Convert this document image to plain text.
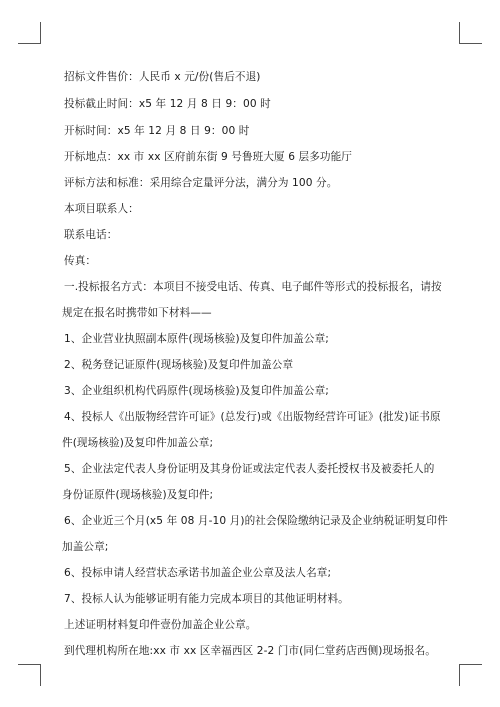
招标文件售价：人民币 x 元/份(售后不退)
投标截止时间：x5 年 12 月 8 日 9：00 时
开标时间：x5 年 12 月 8 日 9：00 时
开标地点：xx 市 xx 区府前东街 9 号鲁班大厦 6 层多功能厅
评标方法和标准：采用综合定量评分法，满分为 100 分。
本项目联系人：
联系电话：
传真：
一.投标报名方式：本项目不接受电话、传真、电子邮件等形式的投标报名，请按
规定在报名时携带如下材料——
1、企业营业执照副本原件(现场核验)及复印件加盖公章;
2、税务登记证原件(现场核验)及复印件加盖公章
3、企业组织机构代码原件(现场核验)及复印件加盖公章;
4、投标人《出版物经营许可证》(总发行)或《出版物经营许可证》(批发)证书原
件(现场核验)及复印件加盖公章;
5、企业法定代表人身份证明及其身份证或法定代表人委托授权书及被委托人的
身份证原件(现场核验)及复印件;
6、企业近三个月(x5 年 08 月-10 月)的社会保险缴纳记录及企业纳税证明复印件
加盖公章;
6、投标申请人经营状态承诺书加盖企业公章及法人名章;
7、投标人认为能够证明有能力完成本项目的其他证明材料。
上述证明材料复印件壹份加盖企业公章。
到代理机构所在地:xx 市 xx 区幸福西区 2-2 门市(同仁堂药店西侧)现场报名。
